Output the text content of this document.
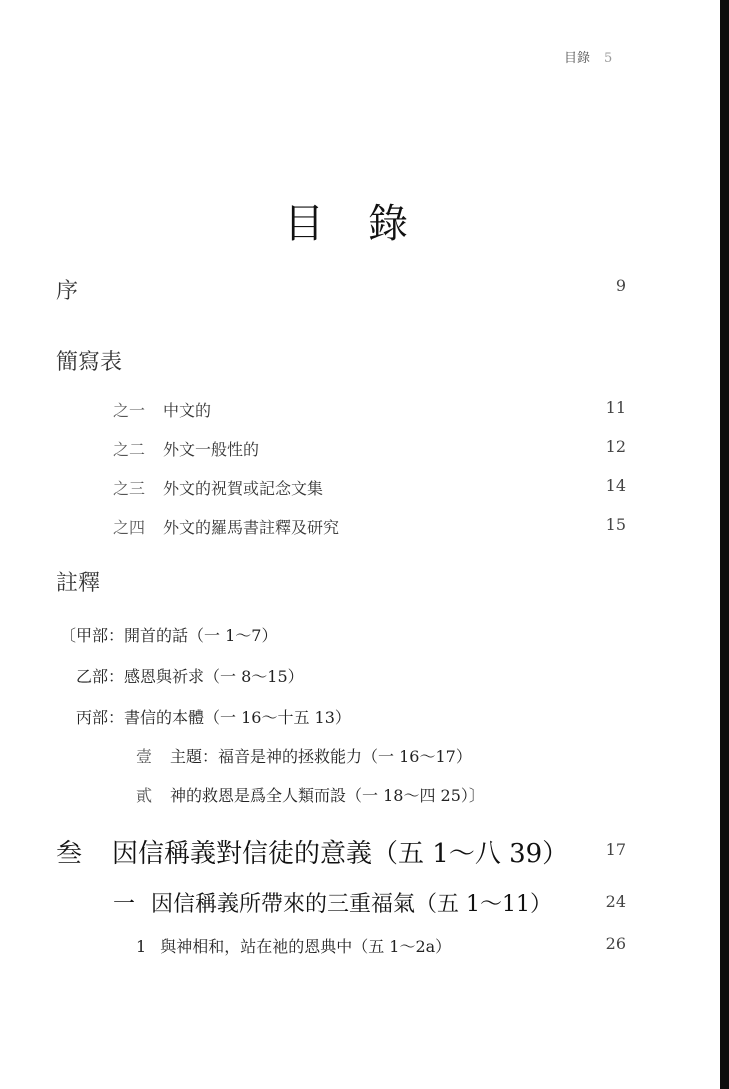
目錄 5
目錄
序	9
簡寫表
之一 中文的	11
之二 外文一般性的	12
之三 外文的祝賀或記念文集	14
之四 外文的羅馬書註釋及研究	15
註釋
〔甲部：開首的話（一 1～7）
乙部：感恩與祈求（一 8～15）
丙部：書信的本體（一 16～十五 13）
壹 主題：福音是神的拯救能力（一 16～17）
貳 神的救恩是爲全人類而設（一 18～四 25）〕
叁 因信稱義對信徒的意義（五 1～八 39）	17
一 因信稱義所帶來的三重福氣（五 1～11）	24
1 與神相和，站在祂的恩典中（五 1～2a）	26
